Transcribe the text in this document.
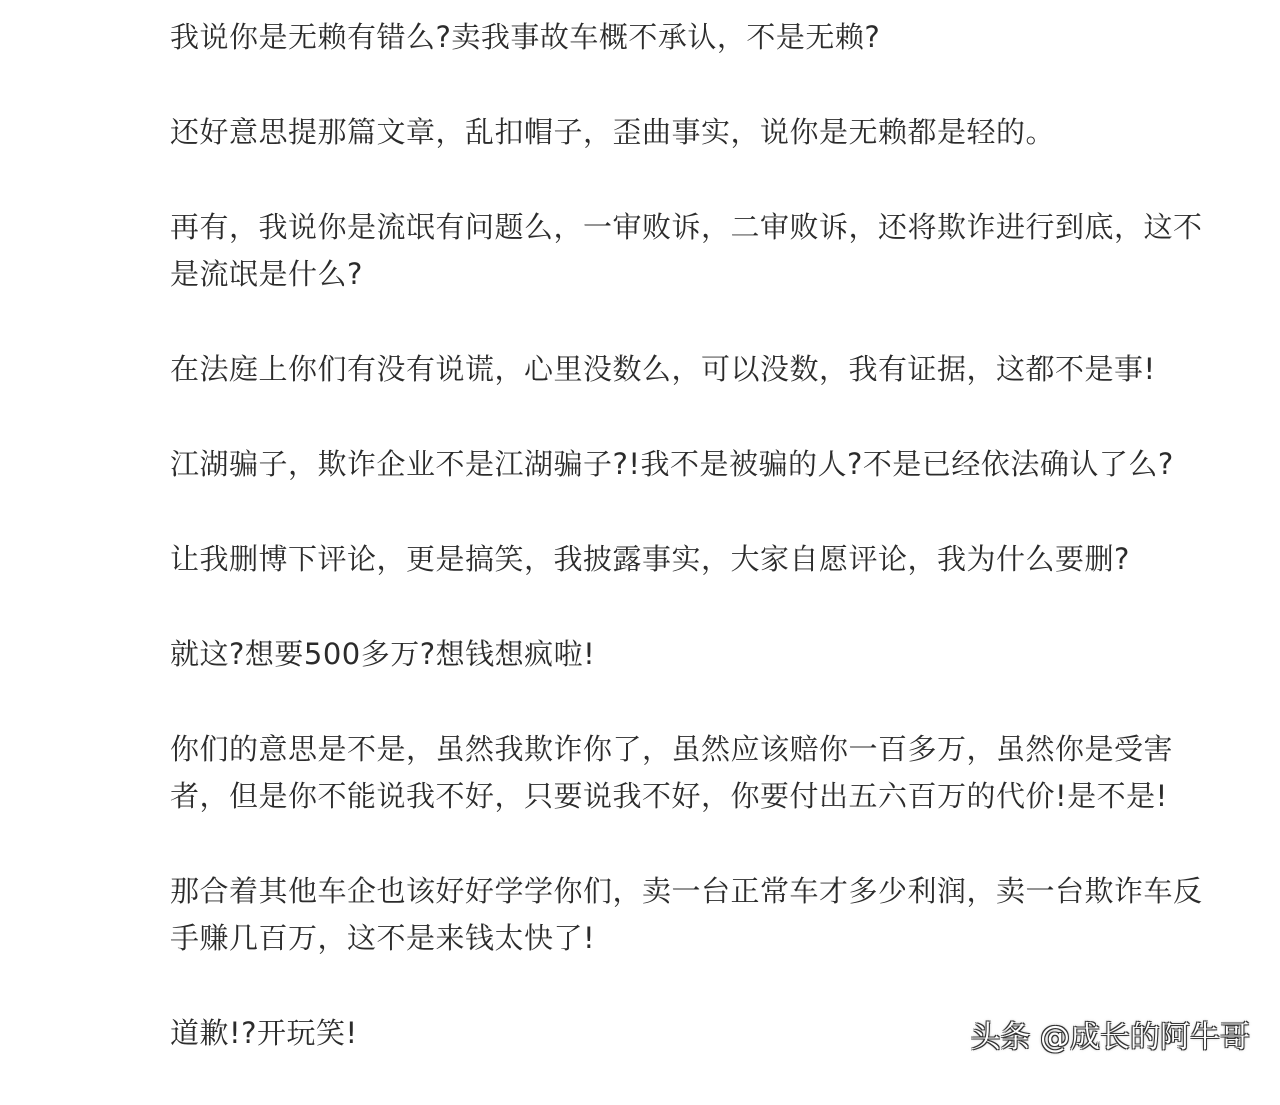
我说你是无赖有错么?卖我事故车概不承认，不是无赖?

还好意思提那篇文章，乱扣帽子，歪曲事实，说你是无赖都是轻的。

再有，我说你是流氓有问题么，一审败诉，二审败诉，还将欺诈进行到底，这不
是流氓是什么?

在法庭上你们有没有说谎，心里没数么，可以没数，我有证据，这都不是事!

江湖骗子，欺诈企业不是江湖骗子?!我不是被骗的人?不是已经依法确认了么?

让我删博下评论，更是搞笑，我披露事实，大家自愿评论，我为什么要删?

就这?想要500多万?想钱想疯啦!

你们的意思是不是，虽然我欺诈你了，虽然应该赔你一百多万，虽然你是受害
者，但是你不能说我不好，只要说我不好，你要付出五六百万的代价!是不是!

那合着其他车企也该好好学学你们，卖一台正常车才多少利润，卖一台欺诈车反
手赚几百万，这不是来钱太快了!

道歉!?开玩笑!	头条 @成长的阿牛哥
